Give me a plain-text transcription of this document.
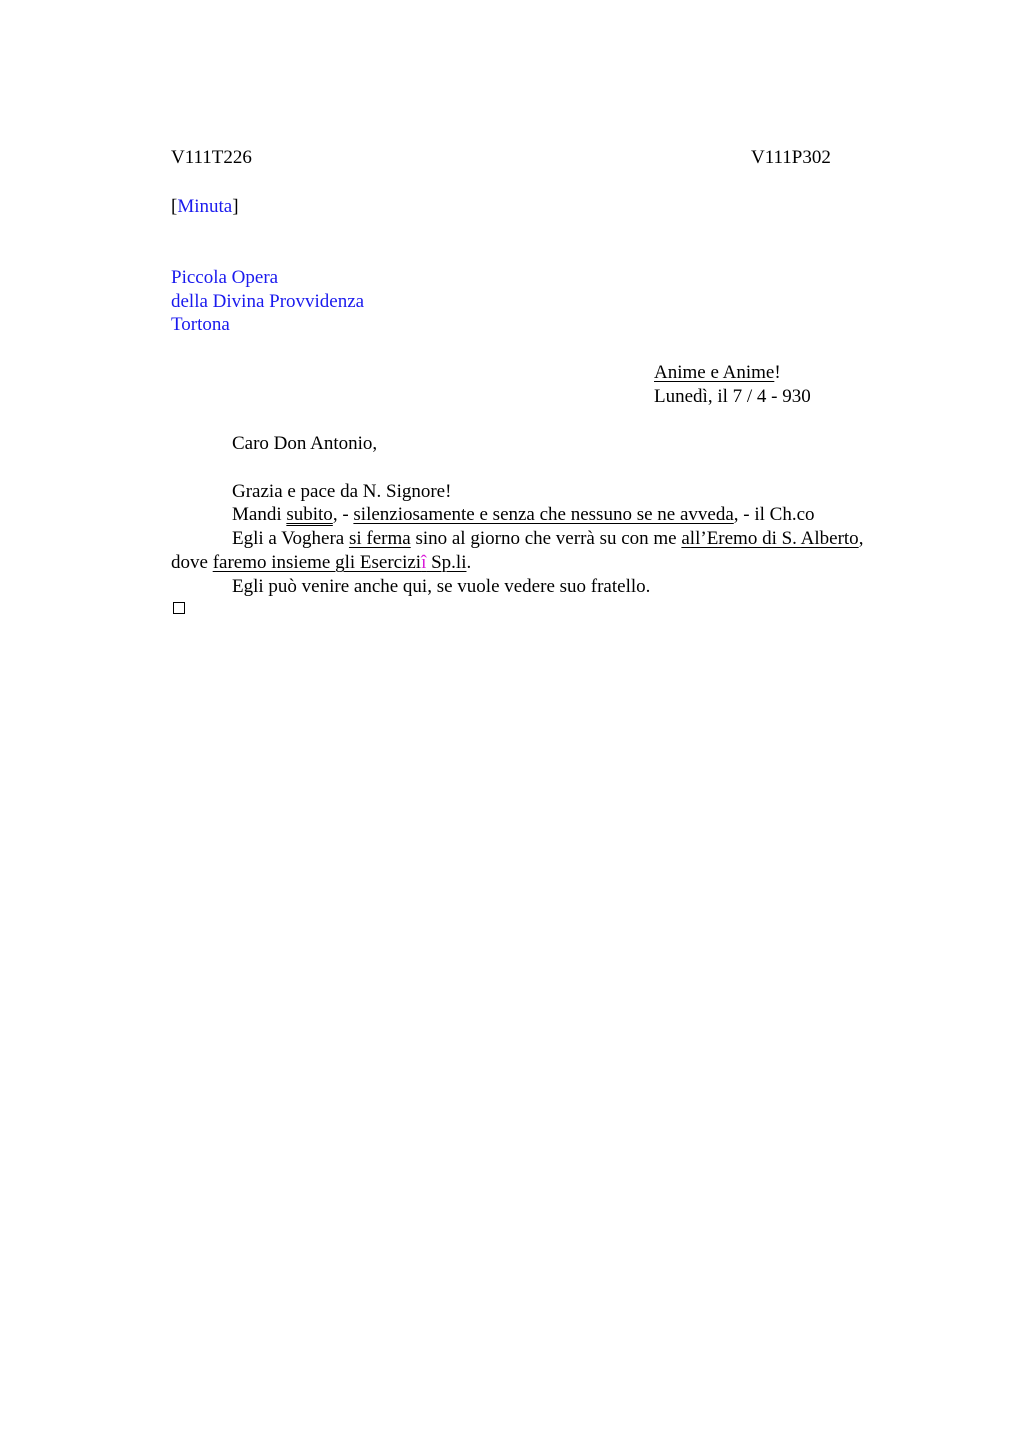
V111T226	V111P302
[Minuta]
Piccola Opera
della Divina Provvidenza
Tortona
Anime e Anime!
Lunedì, il 7 / 4 - 930
Caro Don Antonio,
Grazia e pace da N. Signore!
Mandi subito, - silenziosamente e senza che nessuno se ne avveda, - il Ch.co
Egli a Voghera si ferma sino al giorno che verrà su con me all’Eremo di S. Alberto,
dove faremo insieme gli Eserciziî Sp.li.
Egli può venire anche qui, se vuole vedere suo fratello.
